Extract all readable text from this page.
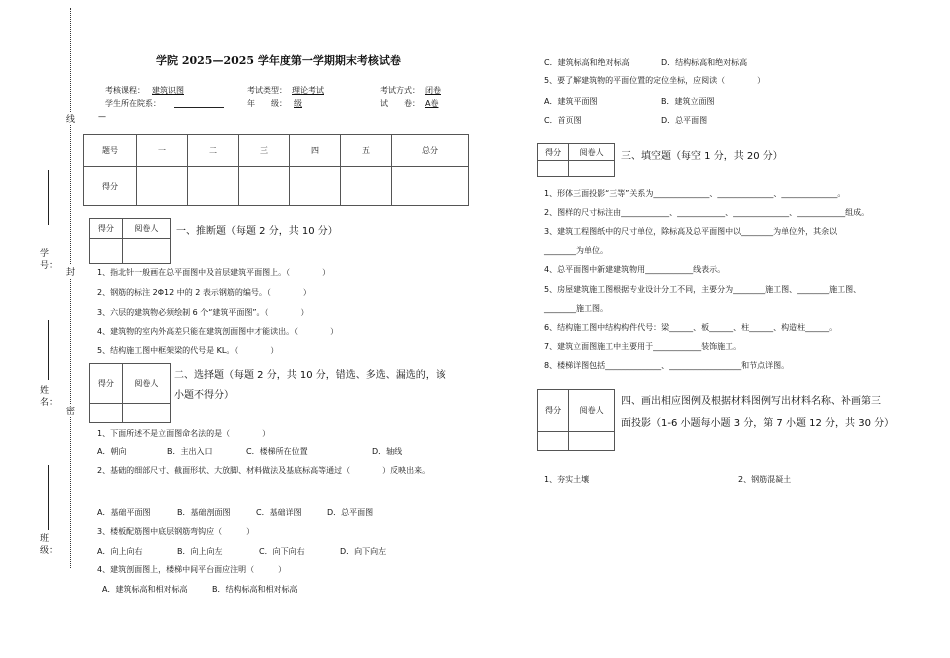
线
封
密
学　号：
姓　名：
班　级：
学院 2025—2025 学年度第一学期期末考核试卷
考核课程： 建筑识图	考试类型： 理论考试	考试方式： 闭卷
学生所在院系：	年　　级： 级	试　　卷： A卷
—
题号	一	二	三	四	五	总分
得分						
得分	阅卷人
	一、推断题（每题 2 分，共 10 分）
1、指北针一般画在总平面图中及首层建筑平面图上。（　　　　）
2、钢筋的标注 2Φ12 中的 2 表示钢筋的编号。（　　　　）
3、六层的建筑物必须绘制 6 个“建筑平面图”。（　　　　）
4、建筑物的室内外高差只能在建筑剖面图中才能读出。（　　　　）
5、结构施工图中框架梁的代号是 KL。（　　　　）
得分	阅卷人

二、选择题（每题 2 分，共 10 分，错选、多选、漏选的，该
小题不得分）
1、下面所述不是立面图命名法的是（　　　　）
A．朝向	B．主出入口	C．楼梯所在位置	D．轴线
2、基础的细部尺寸、截面形状、大放脚、材料做法及基底标高等通过（　　　　）反映出来。
A．基础平面图	B．基础剖面图	C．基础详图	D．总平面图
3、楼板配筋图中底层钢筋弯钩应（　　　）
A．向上向右	B．向上向左	C．向下向右	D．向下向左
4、建筑剖面图上，楼梯中间平台面应注明（　　　）
A．建筑标高和相对标高	B．结构标高和相对标高
C．建筑标高和绝对标高	D．结构标高和绝对标高
5、要了解建筑物的平面位置的定位坐标，应阅读（　　　　）
A．建筑平面图	B．建筑立面图
C．首页图	D．总平面图
得分	阅卷人
	三、填空题（每空 1 分，共 20 分）
1、形体三面投影“三等”关系为______________、______________、______________。
2、图样的尺寸标注由____________、____________、______________、____________组成。
3、建筑工程图纸中的尺寸单位，除标高及总平面图中以________为单位外，其余以
________为单位。
4、总平面图中新建建筑物用____________线表示。
5、房屋建筑施工图根据专业设计分工不同，主要分为________施工图、________施工图、
________施工图。
6、结构施工图中结构构件代号：梁______、板______、柱______、构造柱______。
7、建筑立面图施工中主要用于____________装饰施工。
8、楼梯详图包括______________、__________________和节点详图。
得分	阅卷人

四、画出相应图例及根据材料图例写出材料名称、补画第三
面投影（1-6 小题每小题 3 分，第 7 小题 12 分，共 30 分）
1、夯实土壤	2、钢筋混凝土
